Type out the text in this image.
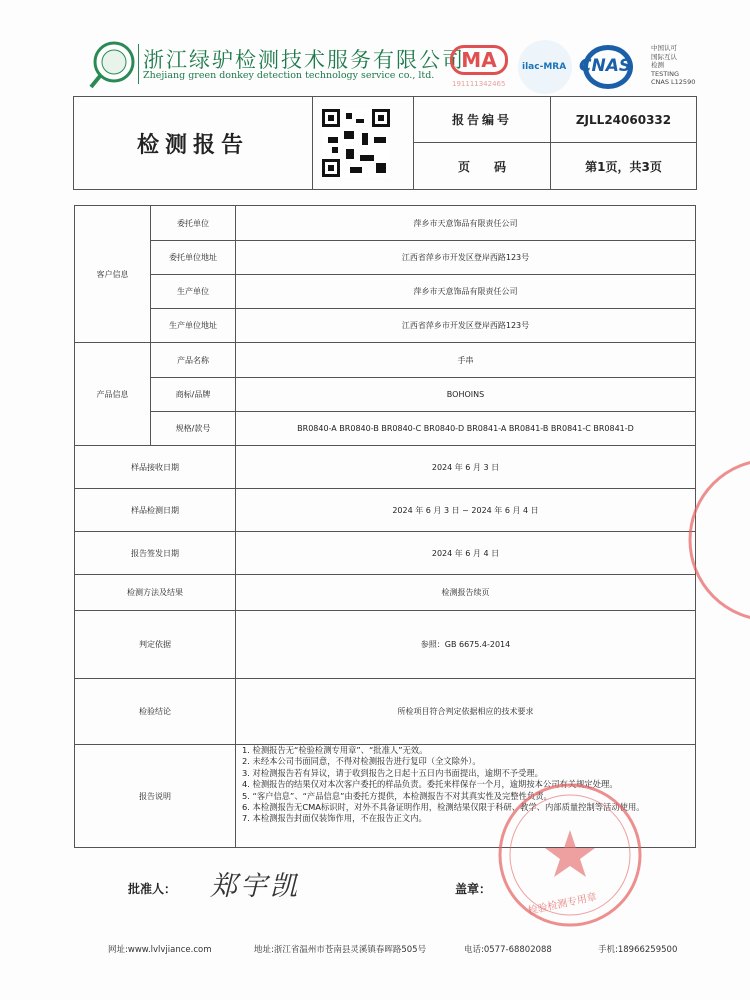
浙江绿驴检测技术服务有限公司
Zhejiang green donkey detection technology service co., ltd.
MA
191111342465
ilac-MRA CNAS
中国认可
国际互认
检测
TESTING
CNAS L12590
检测报告
报告编号	ZJLL24060332
页　　码	第1页，共3页
客户信息
产品信息
委托单位	萍乡市天意饰品有限责任公司
委托单位地址	江西省萍乡市开发区登岸西路123号
生产单位	萍乡市天意饰品有限责任公司
生产单位地址	江西省萍乡市开发区登岸西路123号
产品名称	手串
商标/品牌	BOHOINS
规格/款号	BR0840-A BR0840-B BR0840-C BR0840-D BR0841-A BR0841-B BR0841-C BR0841-D
样品接收日期	2024 年 6 月 3 日
样品检测日期	2024 年 6 月 3 日 ~ 2024 年 6 月 4 日
报告签发日期	2024 年 6 月 4 日
检测方法及结果	检测报告续页
判定依据	参照：GB 6675.4-2014
检验结论	所检项目符合判定依据相应的技术要求
报告说明
1. 检测报告无“检验检测专用章”、“批准人”无效。
2. 未经本公司书面同意，不得对检测报告进行复印（全文除外）。
3. 对检测报告若有异议，请于收到报告之日起十五日内书面提出，逾期不予受理。
4. 检测报告的结果仅对本次客户委托的样品负责。委托来样保存一个月，逾期按本公司有关规定处理。
5. “客户信息”、“产品信息”由委托方提供，本检测报告不对其真实性及完整性负责。
6. 本检测报告无CMA标识时，对外不具备证明作用，检测结果仅限于科研、教学、内部质量控制等活动使用。
7. 本检测报告封面仅装饰作用，不在报告正文内。
批准人： 郑宇凯	盖章：
检验检测专用章
网址:www.lvlvjiance.com	地址:浙江省温州市苍南县灵溪镇春晖路505号	电话:0577-68802088	手机:18966259500
